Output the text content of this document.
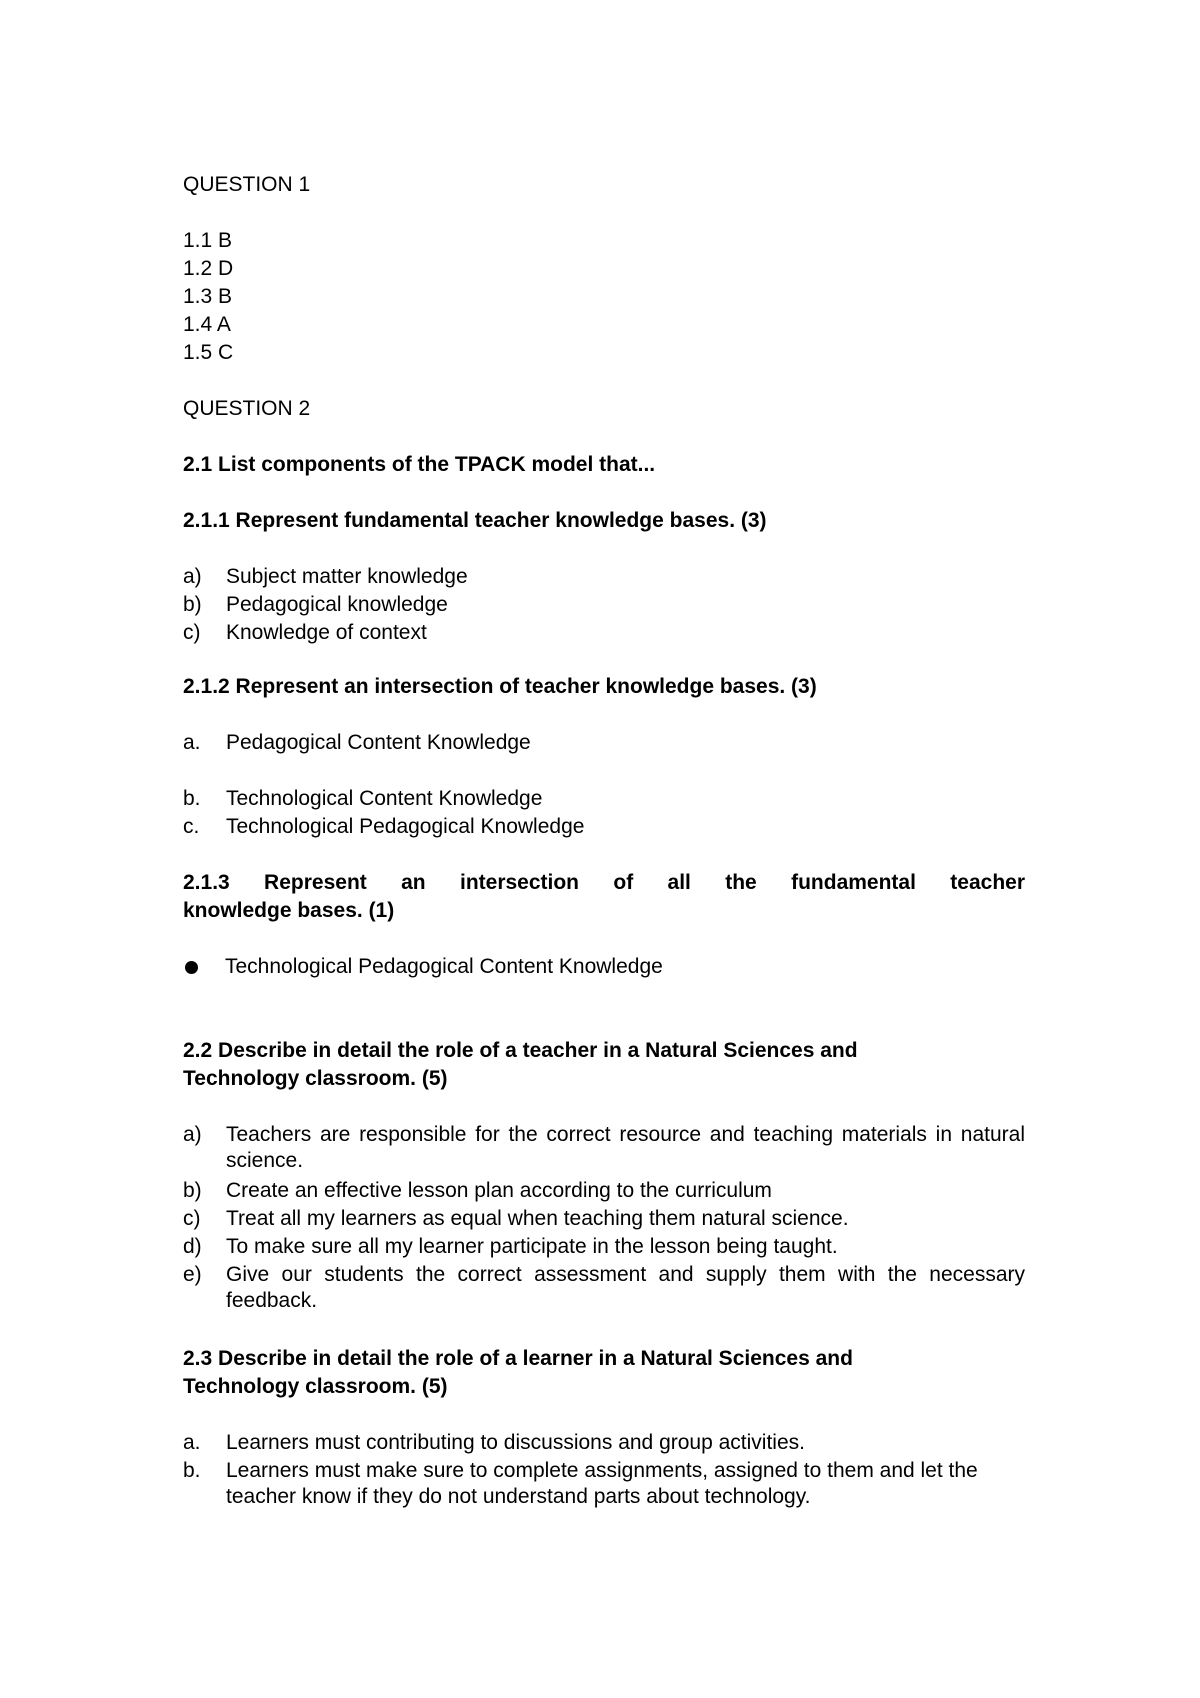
QUESTION 1
1.1 B
1.2 D
1.3 B
1.4 A
1.5 C
QUESTION 2
2.1 List components of the TPACK model that...
2.1.1 Represent fundamental teacher knowledge bases. (3)
a)	Subject matter knowledge
b)	Pedagogical knowledge
c)	Knowledge of context
2.1.2 Represent an intersection of teacher knowledge bases. (3)
a.	Pedagogical Content Knowledge
b.	Technological Content Knowledge
c.	Technological Pedagogical Knowledge
2.1.3 Represent an intersection of all the fundamental teacher
knowledge bases. (1)
Technological Pedagogical Content Knowledge
2.2 Describe in detail the role of a teacher in a Natural Sciences and
Technology classroom. (5)
a)	Teachers are responsible for the correct resource and teaching materials in natural science.
b)	Create an effective lesson plan according to the curriculum
c)	Treat all my learners as equal when teaching them natural science.
d)	To make sure all my learner participate in the lesson being taught.
e)	Give our students the correct assessment and supply them with the necessary feedback.
2.3 Describe in detail the role of a learner in a Natural Sciences and
Technology classroom. (5)
a.	Learners must contributing to discussions and group activities.
b.	Learners must make sure to complete assignments, assigned to them and let the teacher know if they do not understand parts about technology.
